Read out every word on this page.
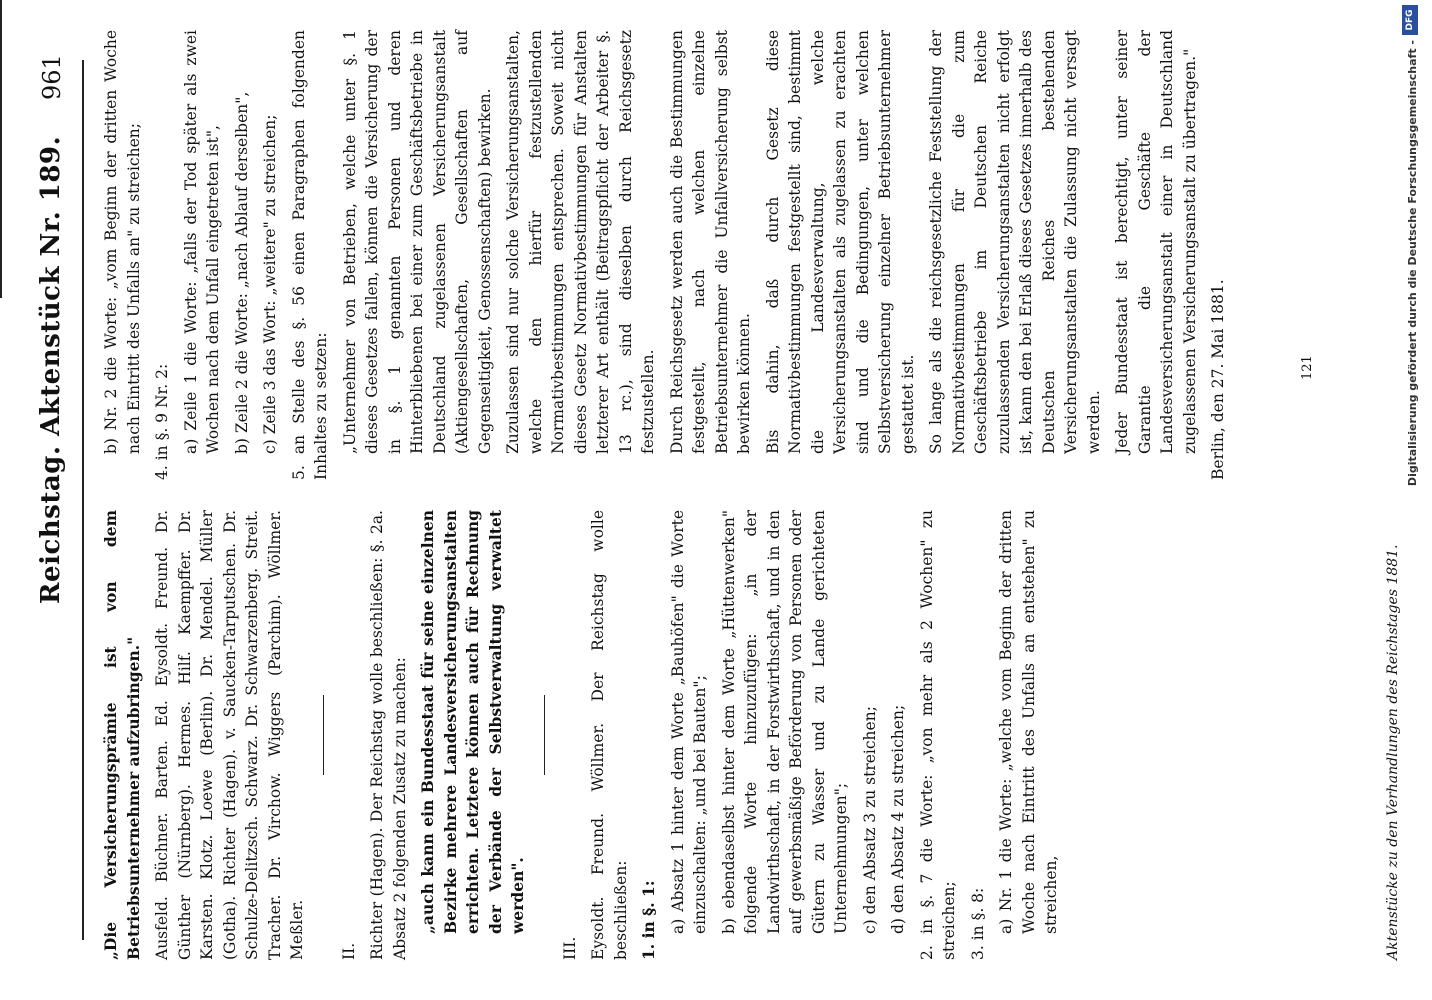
Reichstag. Aktenstück Nr. 189.
961

„Die Versicherungsprämie ist von dem Betriebsunternehmer aufzubringen." Ausfeld. Büchner. Barten. Ed. Eysoldt. Freund. Dr. Günther (Nürnberg). Hermes. Hilf. Kaempffer. Dr. Karsten. Klotz. Loewe (Berlin). Dr. Mendel. Müller (Gotha). Richter (Hagen). v. Saucken-Tarputschen. Dr. Schulze-Delitzsch. Schwarz. Dr. Schwarzenberg. Streit. Tracher. Dr. Virchow. Wiggers (Parchim). Wöllmer. Meßler. II. Richter (Hagen). Der Reichstag wolle beschließen: §. 2a. Absatz 2 folgenden Zusatz zu machen: „auch kann ein Bundesstaat für seine einzelnen Bezirke mehrere Landesversicherungsanstalten errichten. Letztere können auch für Rechnung der Verbände der Selbstverwaltung verwaltet werden".

III. Eysoldt. Freund. Wöllmer. Der Reichstag wolle beschließen: 1. in §. 1: a) Absatz 1 hinter dem Worte „Bauhöfen" die Worte einzuschalten: „und bei Bauten"; b) ebendaselbst hinter dem Worte „Hüttenwerken" folgende Worte hinzuzufügen: „in der Landwirthschaft, in der Forstwirthschaft, und in den auf gewerbsmäßige Beförderung von Personen oder Gütern zu Wasser und zu Lande gerichteten Unternehmungen"; c) den Absatz 3 zu streichen; d) den Absatz 4 zu streichen; 2. in §. 7 die Worte: „von mehr als 2 Wochen" zu streichen; 3. in §. 8: a) Nr. 1 die Worte: „welche vom Beginn der dritten Woche nach Eintritt des Unfalls an entstehen" zu streichen,

b) Nr. 2 die Worte: „vom Beginn der dritten Woche nach Eintritt des Unfalls an" zu streichen; 4. in §. 9 Nr. 2: a) Zeile 1 die Worte: „falls der Tod später als zwei Wochen nach dem Unfall eingetreten ist", b) Zeile 2 die Worte: „nach Ablauf derselben", c) Zeile 3 das Wort: „weitere" zu streichen; 5. an Stelle des §. 56 einen Paragraphen folgenden Inhaltes zu setzen: „Unternehmer von Betrieben, welche unter §. 1 dieses Gesetzes fallen, können die Versicherung der in §. 1 genannten Personen und deren Hinterbliebenen bei einer zum Geschäftsbetriebe in Deutschland zugelassenen Versicherungsanstalt (Aktiengesellschaften, Gesellschaften auf Gegenseitigkeit, Genossenschaften) bewirken. Zuzulassen sind nur solche Versicherungsanstalten, welche den hierfür festzustellenden Normativbestimmungen entsprechen. Soweit nicht dieses Gesetz Normativbestimmungen für Anstalten letzterer Art enthält (Beitragspflicht der Arbeiter §. 13 rc.), sind dieselben durch Reichsgesetz festzustellen. Durch Reichsgesetz werden auch die Bestimmungen festgestellt, nach welchen einzelne Betriebsunternehmer die Unfallversicherung selbst bewirken können. Bis dahin, daß durch Gesetz diese Normativbestimmungen festgestellt sind, bestimmt die Landesverwaltung, welche Versicherungsanstalten als zugelassen zu erachten sind und die Bedingungen, unter welchen Selbstversicherung einzelner Betriebsunternehmer gestattet ist. So lange als die reichsgesetzliche Feststellung der Normativbestimmungen für die zum Geschäftsbetriebe im Deutschen Reiche zuzulassenden Versicherungsanstalten nicht erfolgt ist, kann den bei Erlaß dieses Gesetzes innerhalb des Deutschen Reiches bestehenden Versicherungsanstalten die Zulassung nicht versagt werden. Jeder Bundesstaat ist berechtigt, unter seiner Garantie die Geschäfte der Landesversicherungsanstalt einer in Deutschland zugelassenen Versicherungsanstalt zu übertragen." Berlin, den 27. Mai 1881.	121
Aktenstücke zu den Verhandlungen des Reichstages 1881.
Digitalisierung gefördert durch die Deutsche Forschungsgemeinschaft -
DFG
